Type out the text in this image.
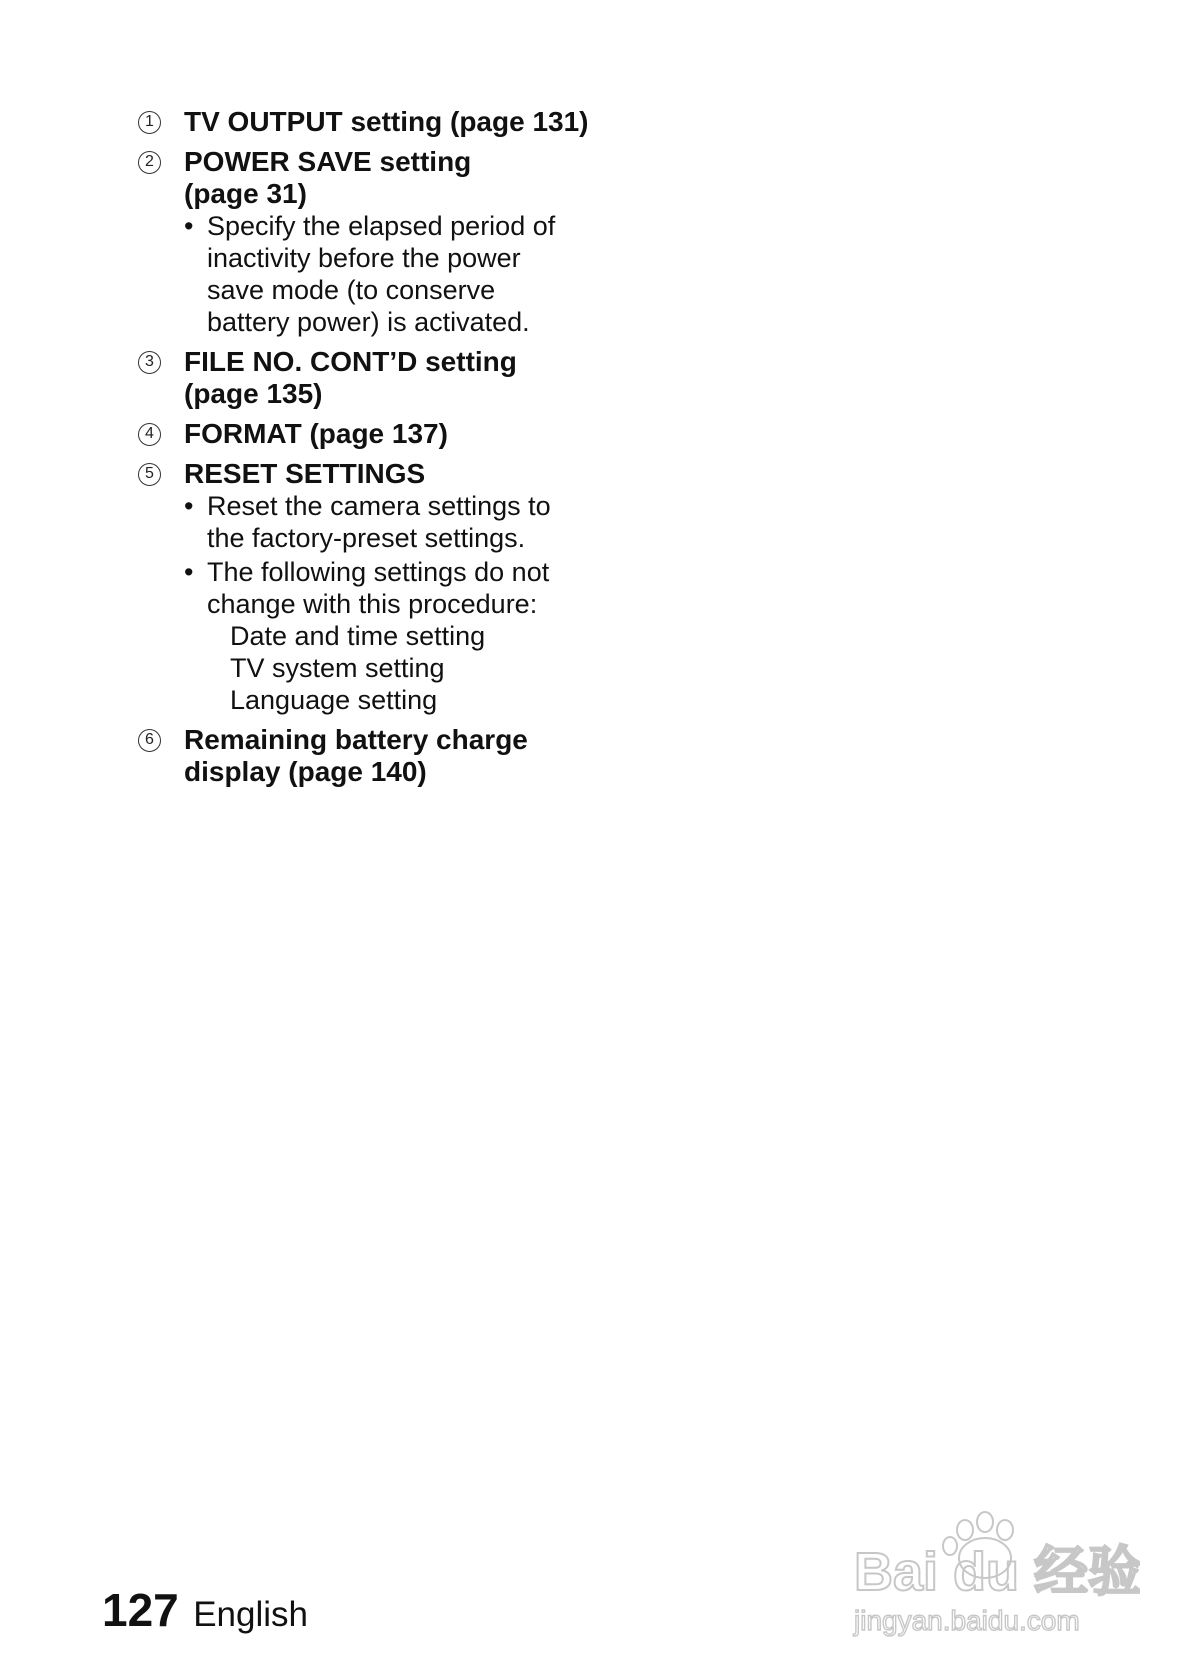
1 TV OUTPUT setting (page 131)
2 POWER SAVE setting
(page 31)
• Specify the elapsed period of
inactivity before the power
save mode (to conserve
battery power) is activated.
3 FILE NO. CONT’D setting
(page 135)
4 FORMAT (page 137)
5 RESET SETTINGS
• Reset the camera settings to
the factory-preset settings.
• The following settings do not
change with this procedure:
Date and time setting
TV system setting
Language setting
6 Remaining battery charge
display (page 140)
127 English
Bai du 经验
jingyan.baidu.com
